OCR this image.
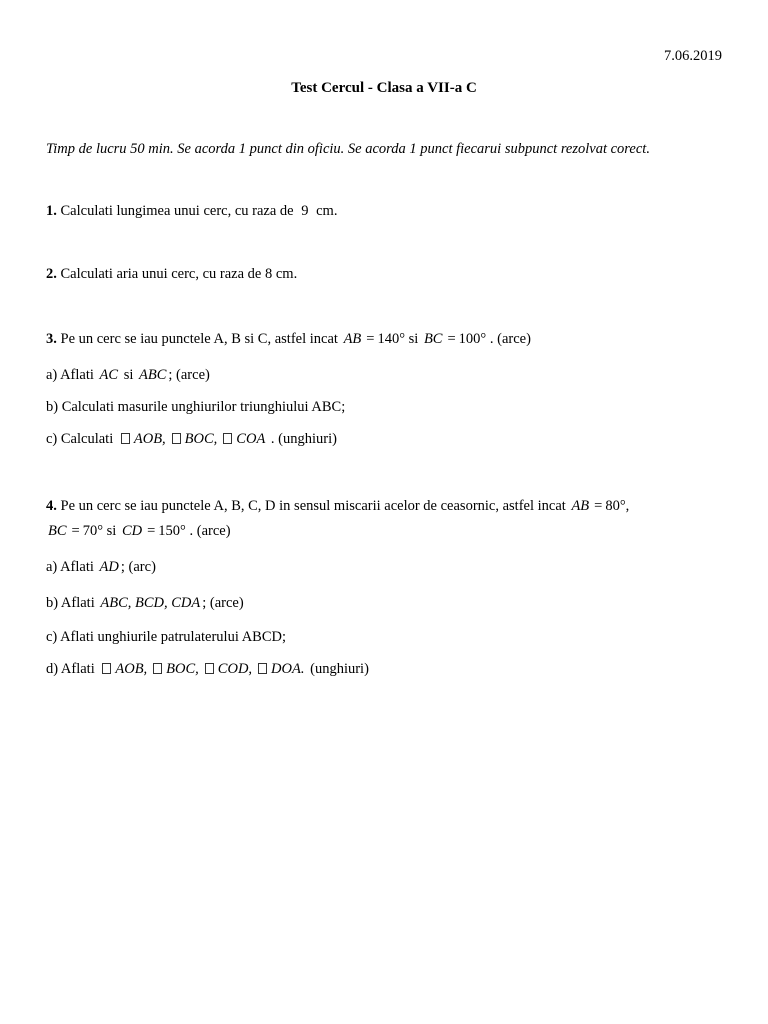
7.06.2019
Test Cercul - Clasa a VII-a C
Timp de lucru 50 min. Se acorda 1 punct din oficiu. Se acorda 1 punct fiecarui subpunct rezolvat corect.
1. Calculati lungimea unui cerc, cu raza de 9 cm.
2. Calculati aria unui cerc, cu raza de 8 cm.
3. Pe un cerc se iau punctele A, B si C, astfel incat AB = 140° si BC = 100° . (arce)
a) Aflati AC si ABC ; (arce)
b) Calculati masurile unghiurilor triunghiului ABC;
c) Calculati AOB, BOC, COA . (unghiuri)
4. Pe un cerc se iau punctele A, B, C, D in sensul miscarii acelor de ceasornic, astfel incat AB = 80°,
BC = 70° si CD = 150° . (arce)
a) Aflati AD ; (arc)
b) Aflati ABC, BCD, CDA ; (arce)
c) Aflati unghiurile patrulaterului ABCD;
d) Aflati AOB, BOC, COD, DOA. (unghiuri)
